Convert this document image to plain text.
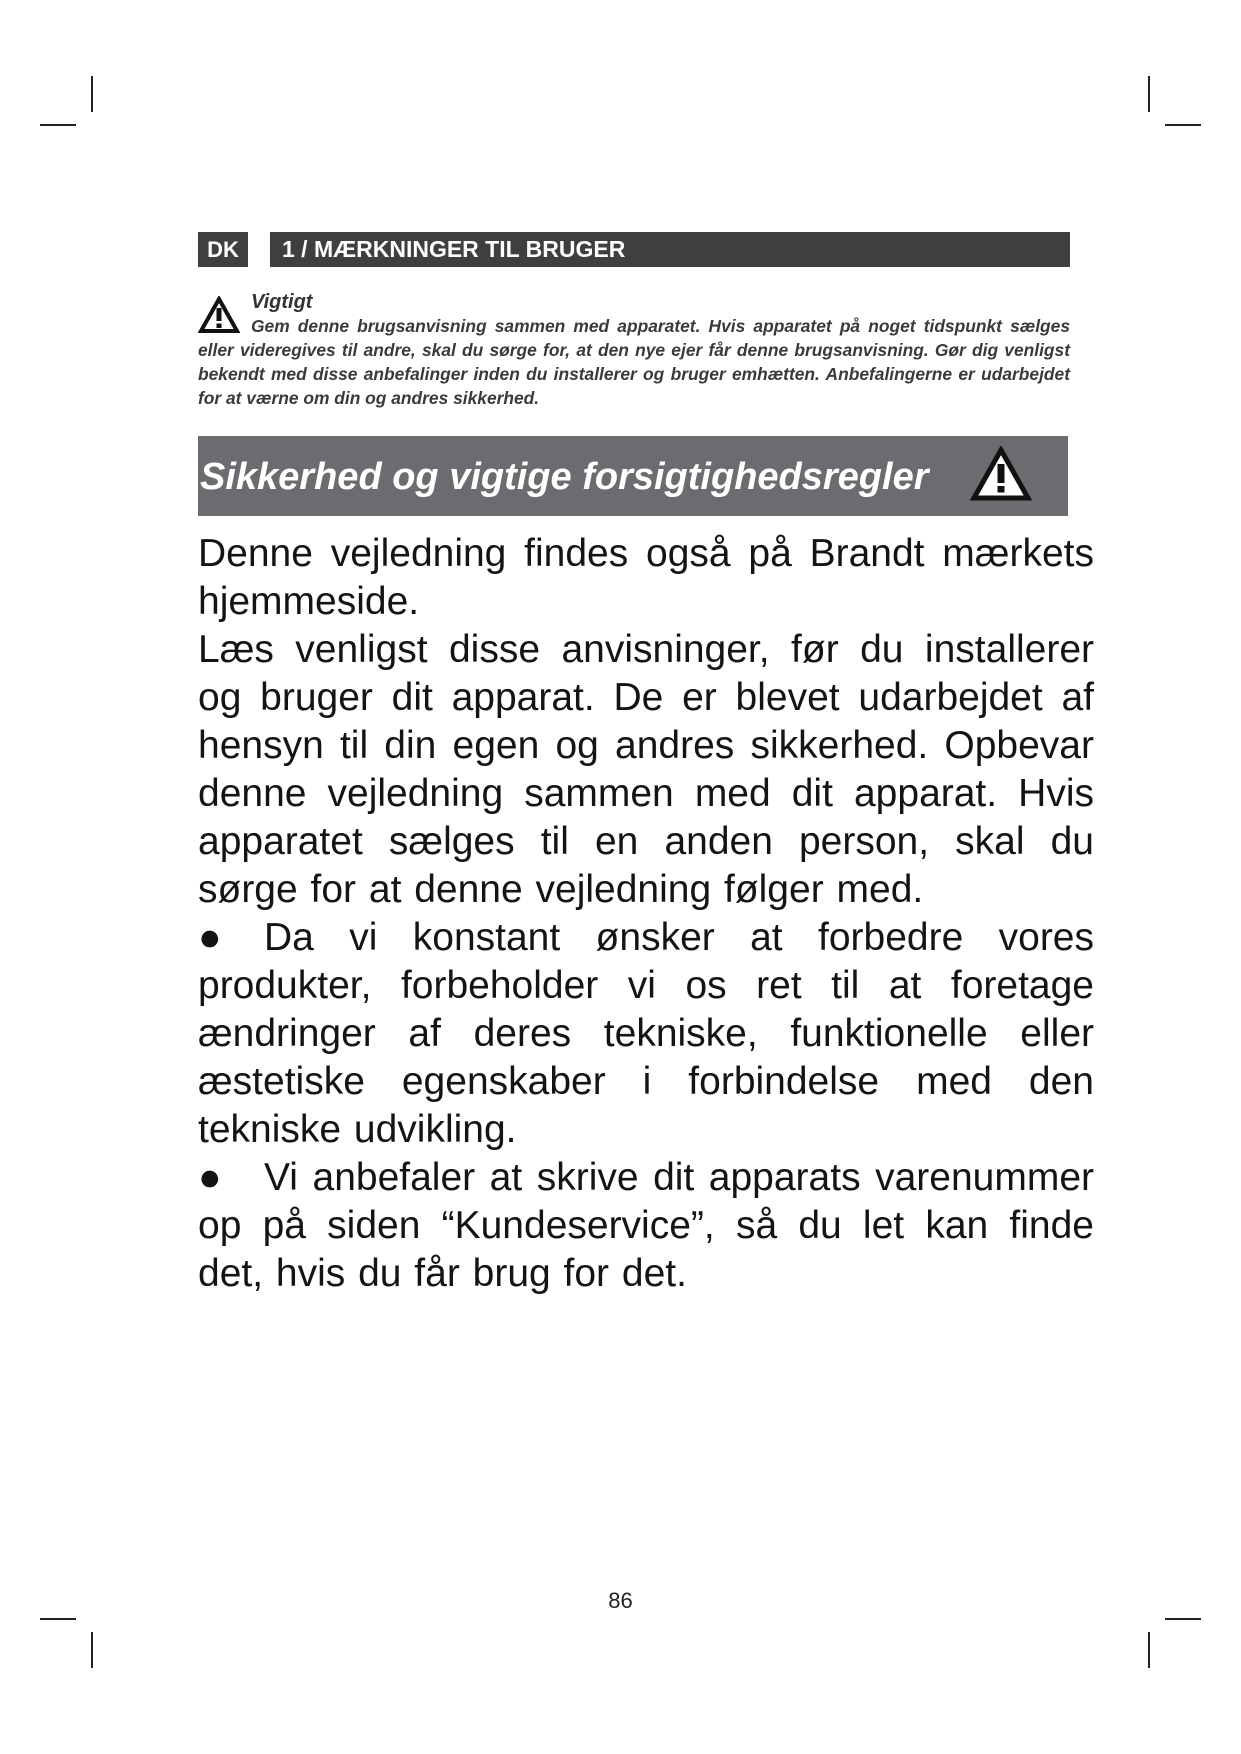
DK	1 / MÆRKNINGER TIL BRUGER
Vigtigt

Gem denne brugsanvisning sammen med apparatet. Hvis apparatet på noget tidspunkt sælges eller videregives til andre, skal du sørge for, at den nye ejer får denne brugsanvisning. Gør dig venligst bekendt med disse anbefalinger inden du installerer og bruger emhætten. Anbefalingerne er udarbejdet for at værne om din og andres sikkerhed.

Sikkerhed og vigtige forsigtighedsregler

Denne vejledning findes også på Brandt mærkets hjemmeside.

Læs venligst disse anvisninger, før du installerer og bruger dit apparat. De er blevet udarbejdet af hensyn til din egen og andres sikkerhed. Opbevar denne vejledning sammen med dit apparat. Hvis apparatet sælges til en anden person, skal du sørge for at denne vejledning følger med.

● Da vi konstant ønsker at forbedre vores produkter, forbeholder vi os ret til at foretage ændringer af deres tekniske, funktionelle eller æstetiske egenskaber i forbindelse med den tekniske udvikling.

● Vi anbefaler at skrive dit apparats varenummer op på siden “Kundeservice”, så du let kan finde det, hvis du får brug for det.

86
